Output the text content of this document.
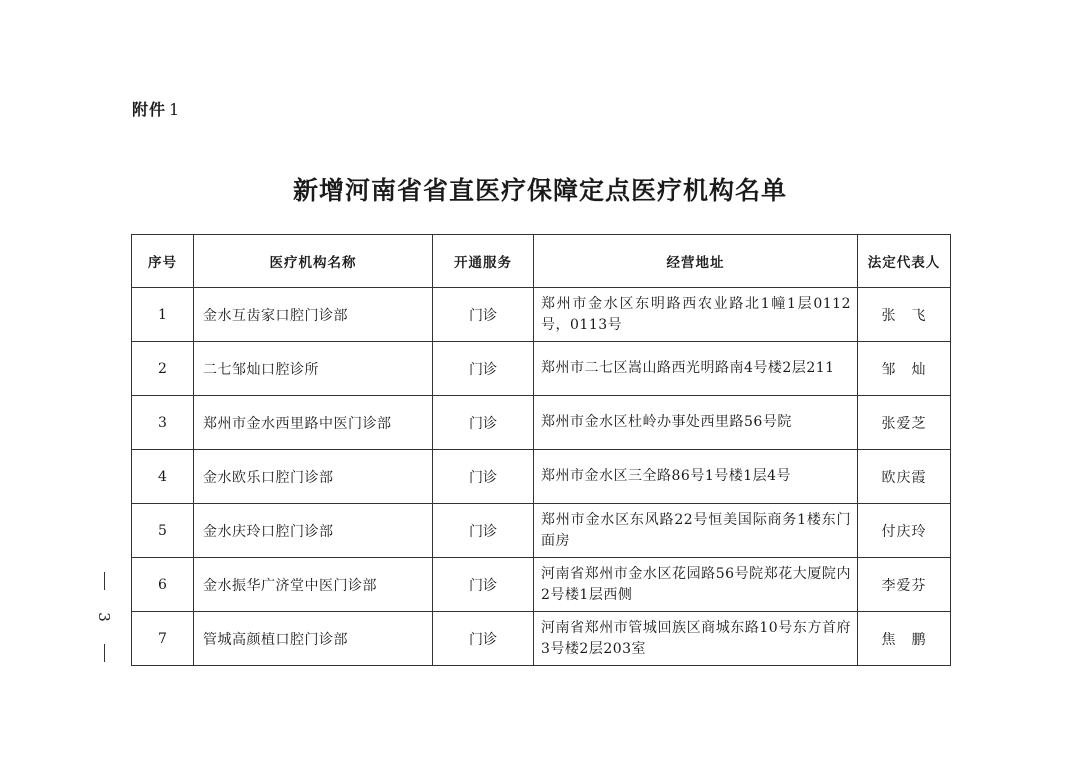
附件 1
新增河南省省直医疗保障定点医疗机构名单
序号	医疗机构名称	开通服务	经营地址	法定代表人
1	金水互齿家口腔门诊部	门诊	郑州市金水区东明路西农业路北1幢1层0112号，0113号	张　飞
2	二七邹灿口腔诊所	门诊	郑州市二七区嵩山路西光明路南4号楼2层211	邹　灿
3	郑州市金水西里路中医门诊部	门诊	郑州市金水区杜岭办事处西里路56号院	张爱芝
4	金水欧乐口腔门诊部	门诊	郑州市金水区三全路86号1号楼1层4号	欧庆霞
5	金水庆玲口腔门诊部	门诊	郑州市金水区东风路22号恒美国际商务1楼东门面房	付庆玲
6	金水振华广济堂中医门诊部	门诊	河南省郑州市金水区花园路56号院郑花大厦院内2号楼1层西侧	李爱芬
7	管城高颜植口腔门诊部	门诊	河南省郑州市管城回族区商城东路10号东方首府3号楼2层203室	焦　鹏
3
